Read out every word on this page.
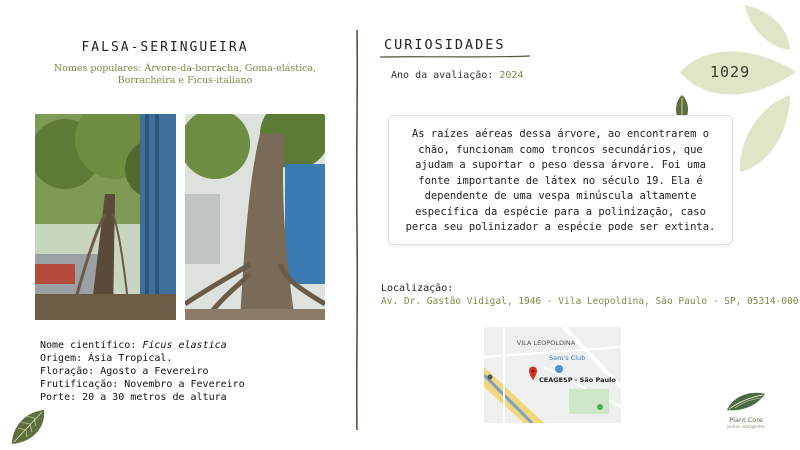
1029
FALSA-SERINGUEIRA
Nomes populares: Árvore-da-borracha, Goma-elástica, Borracheira e Ficus-italiano
Nome científico: Ficus elastica
Origem: Ásia Tropical.
Floração: Agosto a Fevereiro
Frutificação: Novembro a Fevereiro
Porte: 20 a 30 metros de altura
CURIOSIDADES
Ano da avaliação: 2024

As raízes aéreas dessa árvore, ao encontrarem o chão, funcionam como troncos secundários, que ajudam a suportar o peso dessa árvore. Foi uma fonte importante de látex no século 19. Ela é dependente de uma vespa minúscula altamente específica da espécie para a polinização, caso perca seu polinizador a espécie pode ser extinta.

Localização:
Av. Dr. Gastão Vidigal, 1946 - Vila Leopoldina, São Paulo - SP, 05314-000
VILA LEOPOLDINA
Sam's Club
CEAGESP - São Paulo
Plant Core
jardins inteligentes
